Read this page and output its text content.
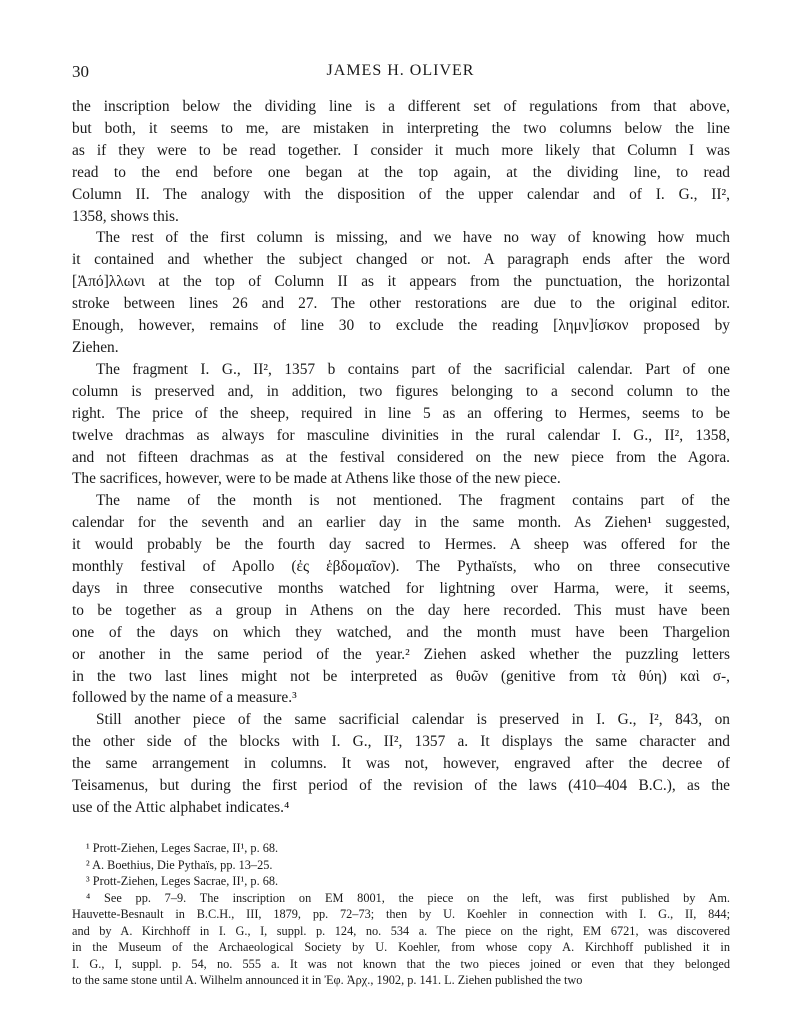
30	JAMES H. OLIVER

the inscription below the dividing line is a different set of regulations from that above,
but both, it seems to me, are mistaken in interpreting the two columns below the line
as if they were to be read together. I consider it much more likely that Column I was
read to the end before one began at the top again, at the dividing line, to read
Column II. The analogy with the disposition of the upper calendar and of I. G., II²,
1358, shows this.

The rest of the first column is missing, and we have no way of knowing how much
it contained and whether the subject changed or not. A paragraph ends after the word
[Ἀπό]λλωνι at the top of Column II as it appears from the punctuation, the horizontal
stroke between lines 26 and 27. The other restorations are due to the original editor.
Enough, however, remains of line 30 to exclude the reading [λημν]ίσκον proposed by
Ziehen.

The fragment I. G., II², 1357 b contains part of the sacrificial calendar. Part of one
column is preserved and, in addition, two figures belonging to a second column to the
right. The price of the sheep, required in line 5 as an offering to Hermes, seems to be
twelve drachmas as always for masculine divinities in the rural calendar I. G., II², 1358,
and not fifteen drachmas as at the festival considered on the new piece from the Agora.
The sacrifices, however, were to be made at Athens like those of the new piece.

The name of the month is not mentioned. The fragment contains part of the
calendar for the seventh and an earlier day in the same month. As Ziehen¹ suggested,
it would probably be the fourth day sacred to Hermes. A sheep was offered for the
monthly festival of Apollo (ἐς ἑβδομαῖον). The Pythaïsts, who on three consecutive
days in three consecutive months watched for lightning over Harma, were, it seems,
to be together as a group in Athens on the day here recorded. This must have been
one of the days on which they watched, and the month must have been Thargelion
or another in the same period of the year.² Ziehen asked whether the puzzling letters
in the two last lines might not be interpreted as θυῶν (genitive from τὰ θύη) καὶ σ-,
followed by the name of a measure.³

Still another piece of the same sacrificial calendar is preserved in I. G., I², 843, on
the other side of the blocks with I. G., II², 1357 a. It displays the same character and
the same arrangement in columns. It was not, however, engraved after the decree of
Teisamenus, but during the first period of the revision of the laws (410–404 B.C.), as the
use of the Attic alphabet indicates.⁴

¹ Prott-Ziehen, Leges Sacrae, II¹, p. 68.

² A. Boethius, Die Pythaïs, pp. 13–25.

³ Prott-Ziehen, Leges Sacrae, II¹, p. 68.

⁴ See pp. 7–9. The inscription on EM 8001, the piece on the left, was first published by Am.
Hauvette-Besnault in B.C.H., III, 1879, pp. 72–73; then by U. Koehler in connection with I. G., II, 844;
and by A. Kirchhoff in I. G., I, suppl. p. 124, no. 534 a. The piece on the right, EM 6721, was discovered
in the Museum of the Archaeological Society by U. Koehler, from whose copy A. Kirchhoff published it in
I. G., I, suppl. p. 54, no. 555 a. It was not known that the two pieces joined or even that they belonged
to the same stone until A. Wilhelm announced it in Ἐφ. Ἀρχ., 1902, p. 141. L. Ziehen published the two
